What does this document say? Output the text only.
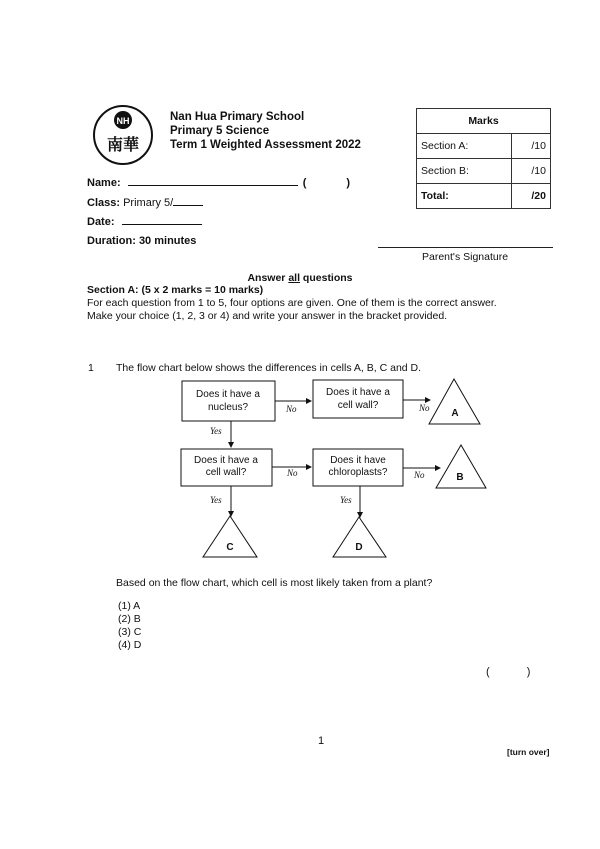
NH
南華
Nan Hua Primary School
Primary 5 Science
Term 1 Weighted Assessment 2022
Name:	(	)
Class: Primary 5/
Date:
Duration: 30 minutes
Marks	
Section A:	/10
Section B:	/10
Total:	/20
Parent's Signature
Answer all questions
Section A: (5 x 2 marks = 10 marks)
For each question from 1 to 5, four options are given. One of them is the correct answer.
Make your choice (1, 2, 3 or 4) and write your answer in the bracket provided.
1 The flow chart below shows the differences in cells A, B, C and D.
Does it have a
nucleus?
Does it have a
cell wall?
Does it have a
cell wall?
Does it have
chloroplasts?
No	No
Yes
No	No
Yes	Yes
A
B
C	D
Based on the flow chart, which cell is most likely taken from a plant?
(1) A
(2) B
(3) C
(4) D
( )
1
[turn over]
